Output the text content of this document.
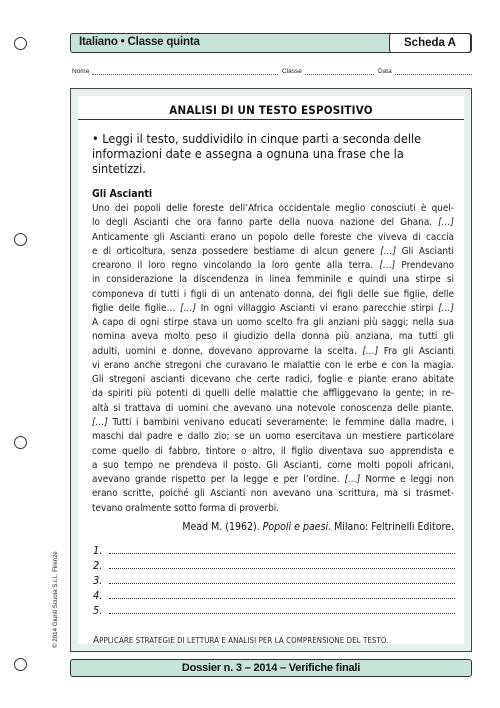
Italiano • Classe quinta	Scheda A
Nome	Classe	Data
ANALISI DI UN TESTO ESPOSITIVO
• Leggi il testo, suddividilo in cinque parti a seconda delle informazioni date e assegna a ognuna una frase che la sintetizzi.
Gli Ascianti
Uno dei popoli delle foreste dell’Africa occidentale meglio conosciuti è quel-
lo degli Ascianti che ora fanno parte della nuova nazione del Ghana. […]
Anticamente gli Ascianti erano un popolo delle foreste che viveva di caccia
e di orticoltura, senza possedere bestiame di alcun genere […] Gli Ascianti
crearono il loro regno vincolando la loro gente alla terra. […] Prendevano
in considerazione la discendenza in linea femminile e quindi una stirpe si
componeva di tutti i figli di un antenato donna, dei figli delle sue figlie, delle
figlie delle figlie… […] In ogni villaggio Ascianti vi erano parecchie stirpi […]
A capo di ogni stirpe stava un uomo scelto fra gli anziani più saggi; nella sua
nomina aveva molto peso il giudizio della donna più anziana, ma tutti gli
adulti, uomini e donne, dovevano approvarne la scelta. […] Fra gli Ascianti
vi erano anche stregoni che curavano le malattie con le erbe e con la magia.
Gli stregoni ascianti dicevano che certe radici, foglie e piante erano abitate
da spiriti più potenti di quelli delle malattie che affliggevano la gente; in re-
altà si trattava di uomini che avevano una notevole conoscenza delle piante.
[…] Tutti i bambini venivano educati severamente: le femmine dalla madre, i
maschi dal padre e dallo zio; se un uomo esercitava un mestiere particolare
come quello di fabbro, tintore o altro, il figlio diventava suo apprendista e
a suo tempo ne prendeva il posto. Gli Ascianti, come molti popoli africani,
avevano grande rispetto per la legge e per l’ordine. […] Norme e leggi non
erano scritte, poiché gli Ascianti non avevano una scrittura, ma si trasmet-
tevano oralmente sotto forma di proverbi.
Mead M. (1962). Popoli e paesi. Milano: Feltrinelli Editore.
1.
2.
3.
4.
5.
APPLICARE STRATEGIE DI LETTURA E ANALISI PER LA COMPRENSIONE DEL TESTO.
© 2014 Giunti Scuola S.r.l., Firenze
Dossier n. 3 – 2014 – Verifiche finali
